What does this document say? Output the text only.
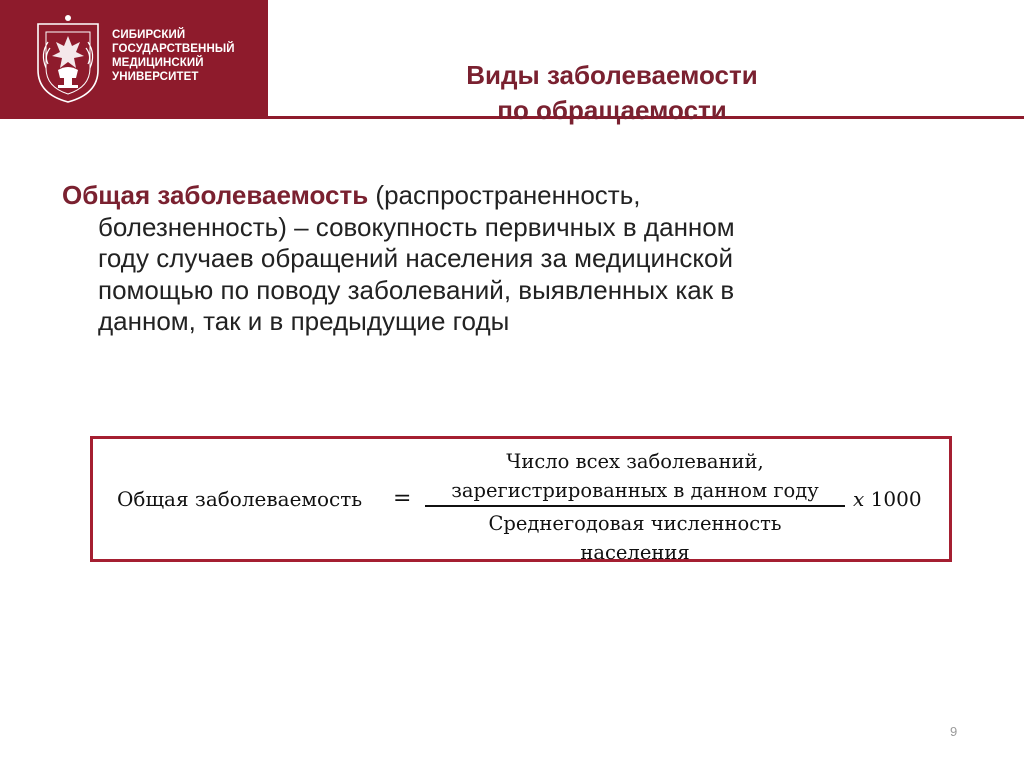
СИБИРСКИЙ
ГОСУДАРСТВЕННЫЙ
МЕДИЦИНСКИЙ
УНИВЕРСИТЕТ	Виды заболеваемости
по обращаемости
Общая заболеваемость (распространенность,
болезненность) – совокупность первичных в данном
году случаев обращений населения за медицинской
помощью по поводу заболеваний, выявленных как в
данном, так и в предыдущие годы
Общая заболеваемость =
Число всех заболеваний,
зарегистрированных в данном году
Среднегодовая численность
населения
x 1000
9
